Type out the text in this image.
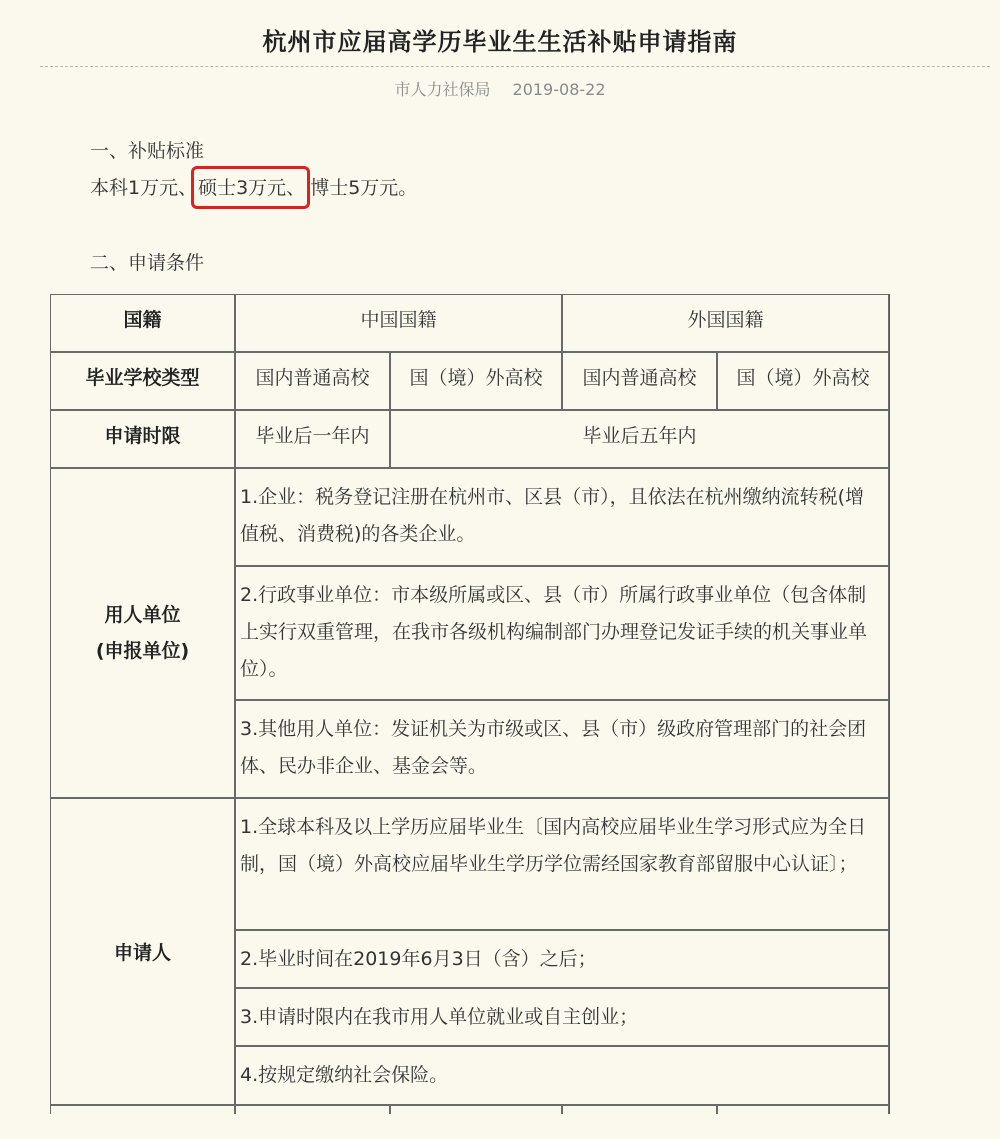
杭州市应届高学历毕业生生活补贴申请指南
市人力社保局 2019-08-22
一、补贴标准
本科1万元、硕士3万元、 博士5万元。
二、申请条件
国籍	中国国籍	外国国籍
毕业学校类型	国内普通高校 国（境）外高校 国内普通高校 国（境）外高校
申请时限	毕业后一年内	毕业后五年内
用人单位
(申报单位)
1.企业：税务登记注册在杭州市、区县（市），且依法在杭州缴纳流转税(增值税、消费税)的各类企业。
2.行政事业单位：市本级所属或区、县（市）所属行政事业单位（包含体制上实行双重管理，在我市各级机构编制部门办理登记发证手续的机关事业单位）。
3.其他用人单位：发证机关为市级或区、县（市）级政府管理部门的社会团体、民办非企业、基金会等。
申请人
1.全球本科及以上学历应届毕业生〔国内高校应届毕业生学习形式应为全日制，国（境）外高校应届毕业生学历学位需经国家教育部留服中心认证〕；
2.毕业时间在2019年6月3日（含）之后；
3.申请时限内在我市用人单位就业或自主创业；
4.按规定缴纳社会保险。
